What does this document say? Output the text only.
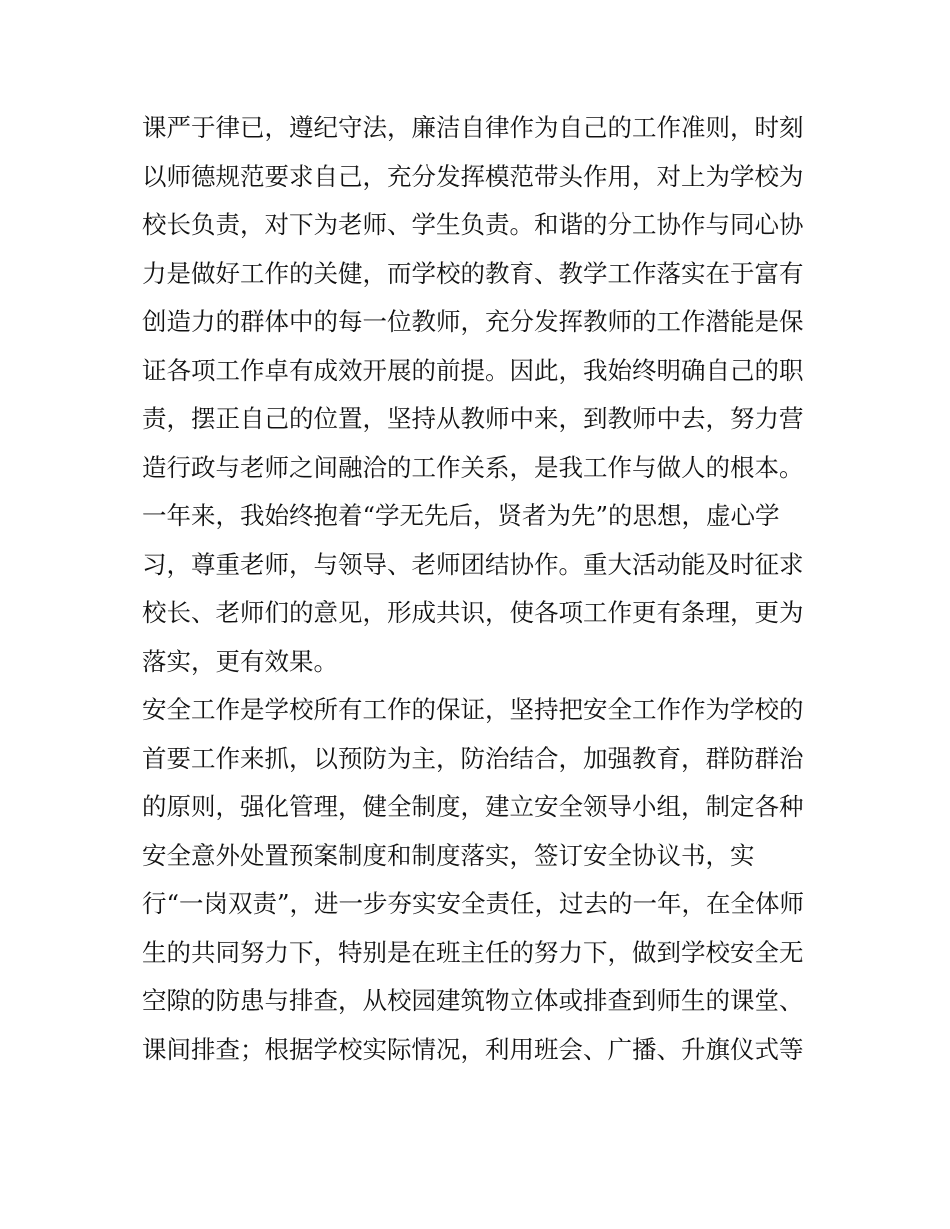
课严于律已，遵纪守法，廉洁自律作为自己的工作准则，时刻
以师德规范要求自己，充分发挥模范带头作用，对上为学校为
校长负责，对下为老师、学生负责。和谐的分工协作与同心协
力是做好工作的关健，而学校的教育、教学工作落实在于富有
创造力的群体中的每一位教师，充分发挥教师的工作潜能是保
证各项工作卓有成效开展的前提。因此，我始终明确自己的职
责，摆正自己的位置，坚持从教师中来，到教师中去，努力营
造行政与老师之间融洽的工作关系，是我工作与做人的根本。
一年来，我始终抱着“学无先后，贤者为先”的思想，虚心学
习，尊重老师，与领导、老师团结协作。重大活动能及时征求
校长、老师们的意见，形成共识，使各项工作更有条理，更为
落实，更有效果。
安全工作是学校所有工作的保证，坚持把安全工作作为学校的
首要工作来抓，以预防为主，防治结合，加强教育，群防群治
的原则，强化管理，健全制度，建立安全领导小组，制定各种
安全意外处置预案制度和制度落实，签订安全协议书，实
行“一岗双责”，进一步夯实安全责任，过去的一年，在全体师
生的共同努力下，特别是在班主任的努力下，做到学校安全无
空隙的防患与排查，从校园建筑物立体或排查到师生的课堂、
课间排查；根据学校实际情况，利用班会、广播、升旗仪式等
